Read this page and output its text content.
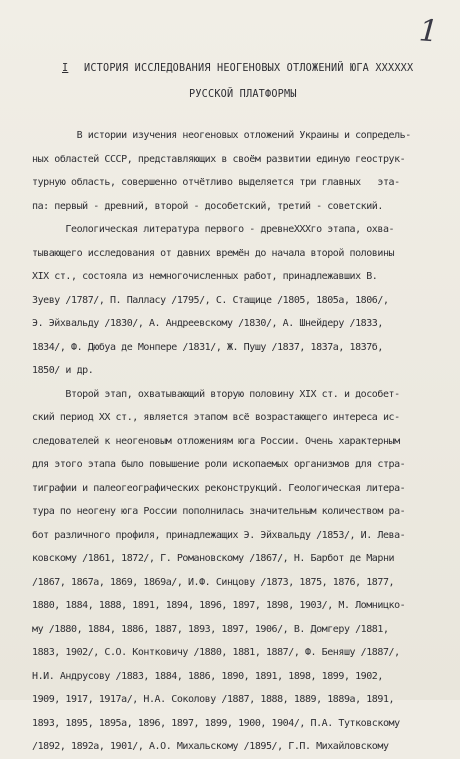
1
I ИСТОРИЯ ИССЛЕДОВАНИЯ НЕОГЕНОВЫХ ОТЛОЖЕНИЙ ЮГА ХХХХХХ
РУССКОЙ ПЛАТФОРМЫ
В истории изучения неогеновых отложений Украины и сопредель-
ных областей СССР, представляющих в своём развитии единую геострук-
турную область, совершенно отчётливо выделяется три главных   эта-
па: первый - древний, второй - дособетский, третий - советский.
Геологическая литература первого - древнеХХХго этапа, охва-
тывающего исследования от давних времён до начала второй половины
XIX ст., состояла из немногочисленных работ, принадлежавших В.
Зуеву /1787/, П. Палласу /1795/, С. Стащице /1805, 1805а, 1806/,
Э. Эйхвальду /1830/, А. Андреевскому /1830/, А. Шнейдеру /1833,
1834/, Ф. Дюбуа де Монпере /1831/, Ж. Пушу /1837, 1837а, 1837б,
1850/ и др.
Второй этап, охватывающий вторую половину XIX ст. и дособет-
ский период XX ст., является этапом всё возрастающего интереса ис-
следователей к неогеновым отложениям юга России. Очень характерным
для этого этапа было повышение роли ископаемых организмов для стра-
тиграфии и палеогеографических реконструкций. Геологическая литера-
тура по неогену юга России пополнилась значительным количеством ра-
бот различного профиля, принадлежащих Э. Эйхвальду /1853/, И. Лева-
ковскому /1861, 1872/, Г. Романовскому /1867/, Н. Барбот де Марни
/1867, 1867а, 1869, 1869а/, И.Ф. Синцову /1873, 1875, 1876, 1877,
1880, 1884, 1888, 1891, 1894, 1896, 1897, 1898, 1903/, М. Ломницко-
му /1880, 1884, 1886, 1887, 1893, 1897, 1906/, В. Домгеру /1881,
1883, 1902/, С.О. Контковичу /1880, 1881, 1887/, Ф. Беняшу /1887/,
Н.И. Андрусову /1883, 1884, 1886, 1890, 1891, 1898, 1899, 1902,
1909, 1917, 1917а/, Н.А. Соколову /1887, 1888, 1889, 1889а, 1891,
1893, 1895, 1895а, 1896, 1897, 1899, 1900, 1904/, П.А. Тутковскому
/1892, 1892а, 1901/, А.О. Михальскому /1895/, Г.П. Михайловскому
